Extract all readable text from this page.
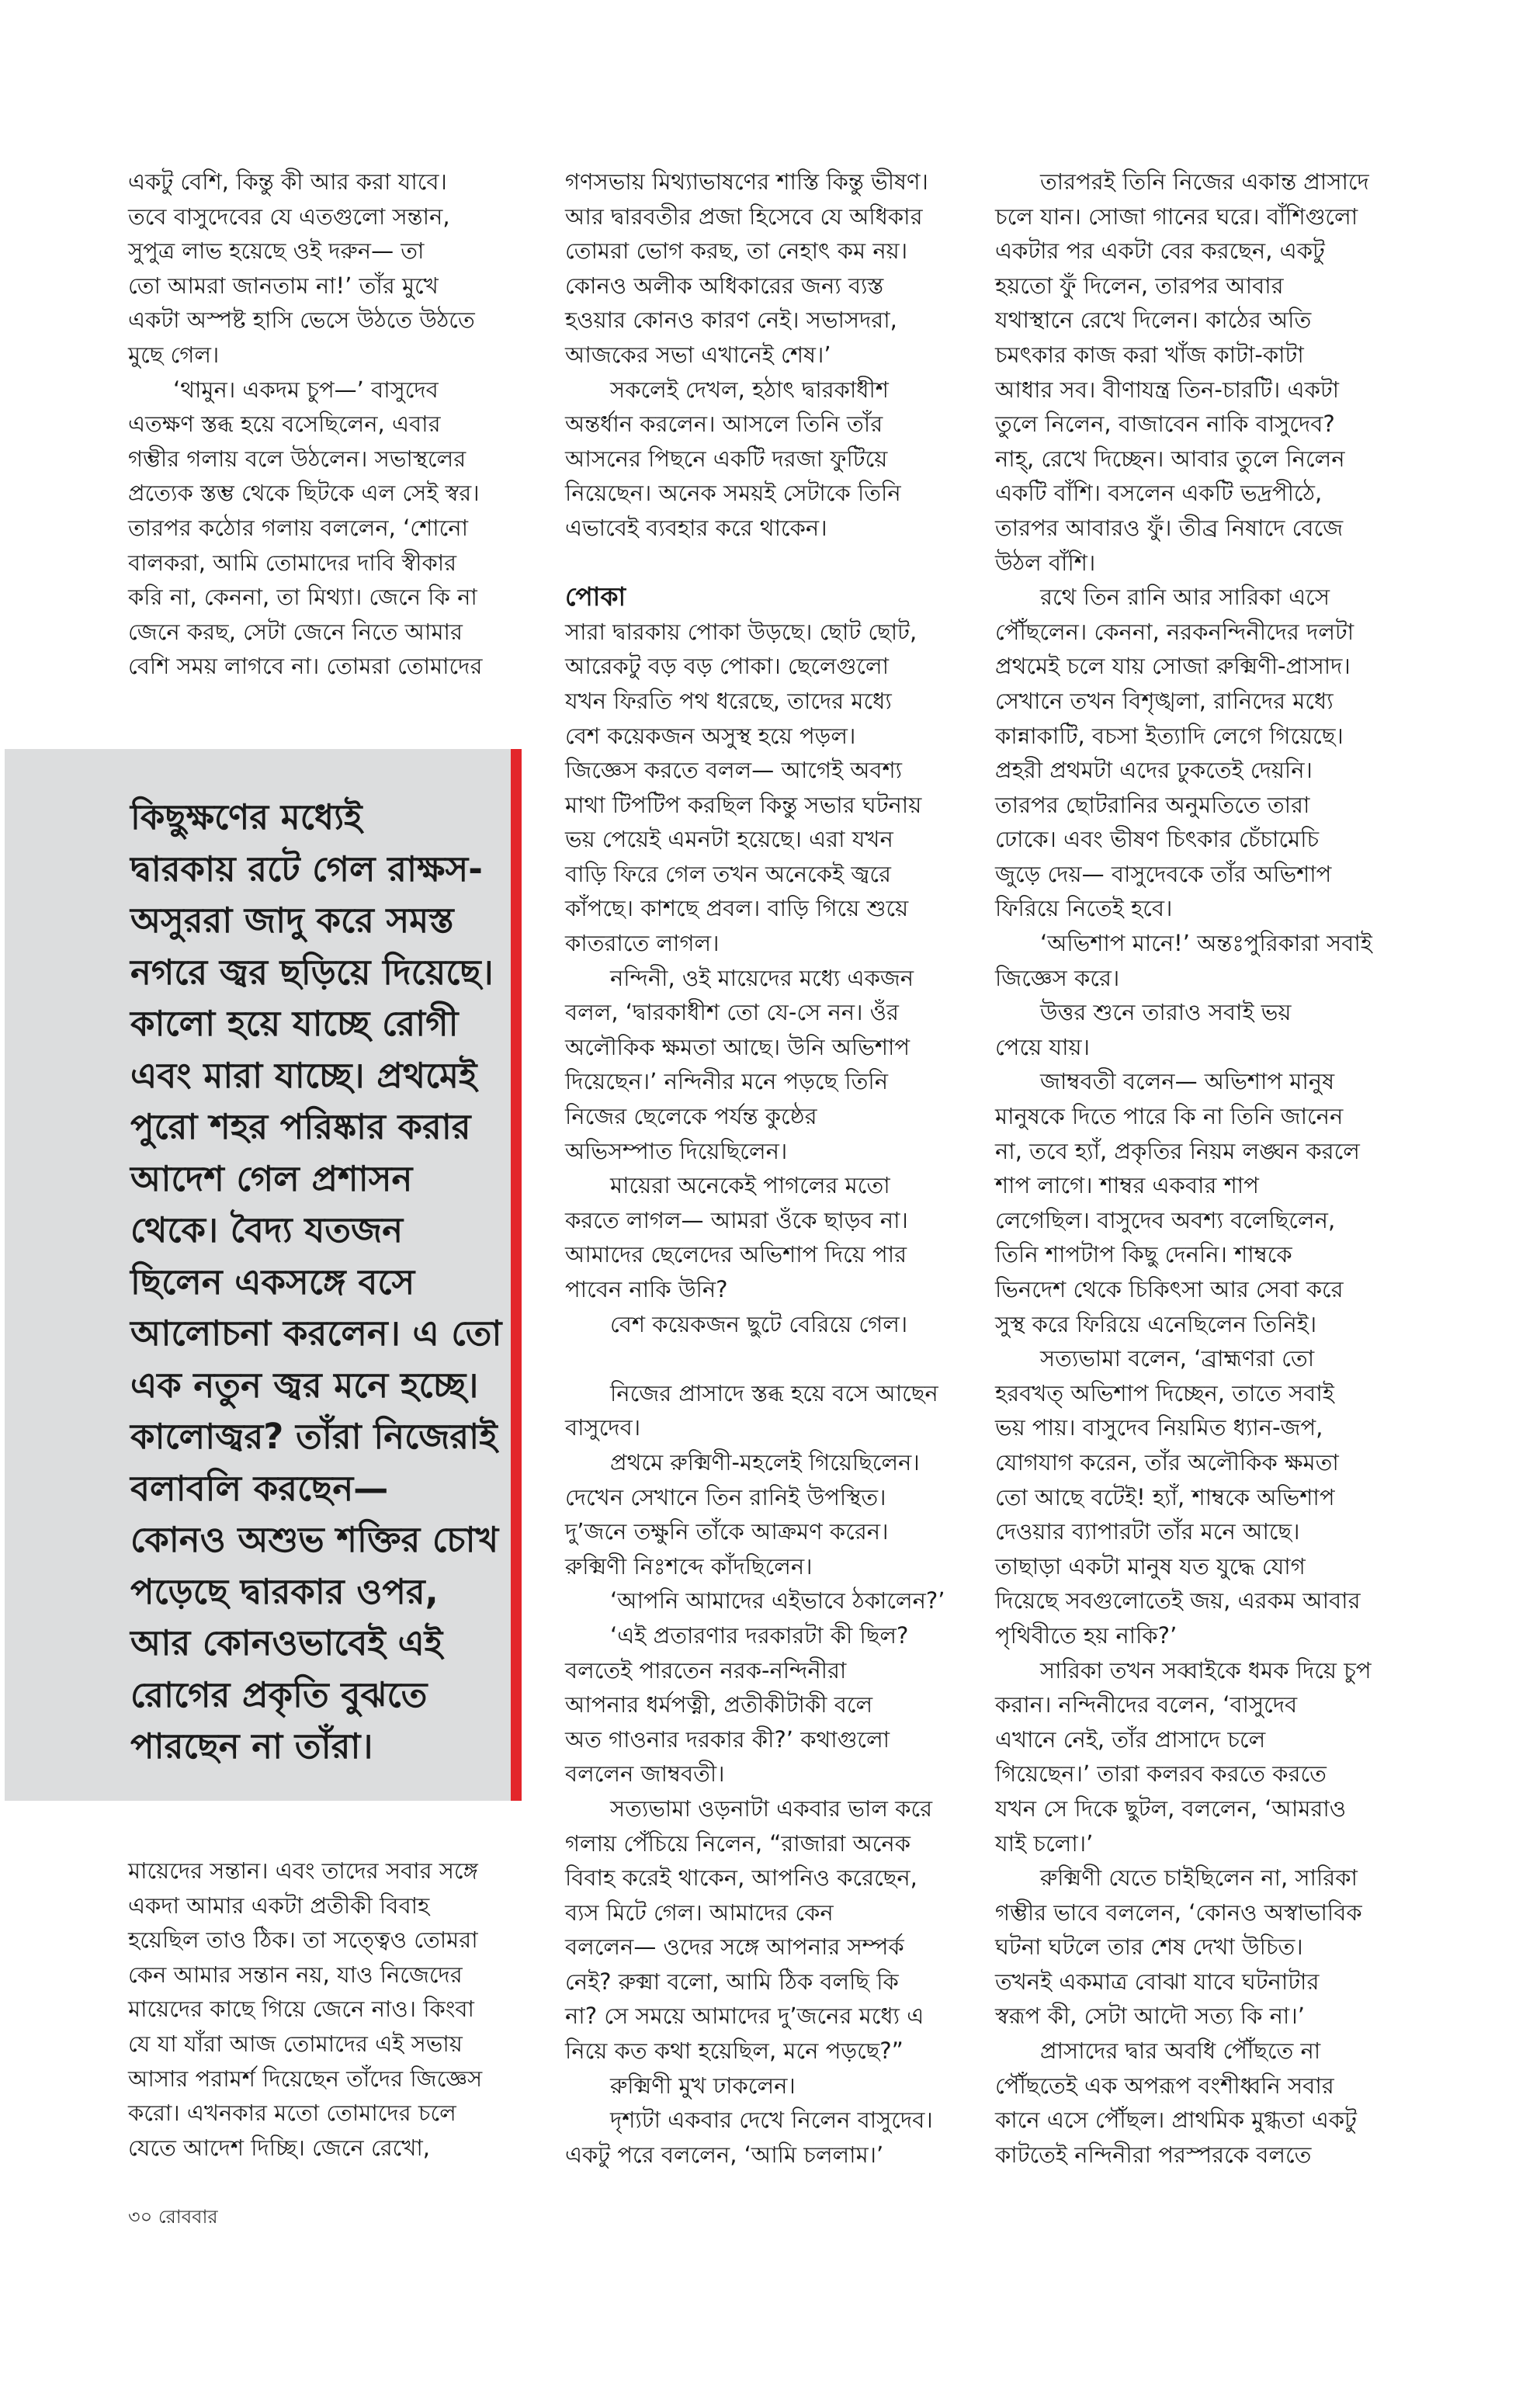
একটু বেশি, কিন্তু কী আর করা যাবে।
তবে বাসুদেবের যে এতগুলো সন্তান,
সুপুত্র লাভ হয়েছে ওই দরুন— তা
তো আমরা জানতাম না!’ তাঁর মুখে
একটা অস্পষ্ট হাসি ভেসে উঠতে উঠতে
মুছে গেল।
‘থামুন। একদম চুপ—’ বাসুদেব
এতক্ষণ স্তব্ধ হয়ে বসেছিলেন, এবার
গম্ভীর গলায় বলে উঠলেন। সভাস্থলের
প্রত্যেক স্তম্ভ থেকে ছিটকে এল সেই স্বর।
তারপর কঠোর গলায় বললেন, ‘শোনো
বালকরা, আমি তোমাদের দাবি স্বীকার
করি না, কেননা, তা মিথ্যা। জেনে কি না
জেনে করছ, সেটা জেনে নিতে আমার
বেশি সময় লাগবে না। তোমরা তোমাদের
কিছুক্ষণের মধ্যেই
দ্বারকায় রটে গেল রাক্ষস-
অসুররা জাদু করে সমস্ত
নগরে জ্বর ছড়িয়ে দিয়েছে।
কালো হয়ে যাচ্ছে রোগী
এবং মারা যাচ্ছে। প্রথমেই
পুরো শহর পরিষ্কার করার
আদেশ গেল প্রশাসন
থেকে। বৈদ্য যতজন
ছিলেন একসঙ্গে বসে
আলোচনা করলেন। এ তো
এক নতুন জ্বর মনে হচ্ছে।
কালোজ্বর? তাঁরা নিজেরাই
বলাবলি করছেন—
কোনও অশুভ শক্তির চোখ
পড়েছে দ্বারকার ওপর,
আর কোনওভাবেই এই
রোগের প্রকৃতি বুঝতে
পারছেন না তাঁরা।
মায়েদের সন্তান। এবং তাদের সবার সঙ্গে
একদা আমার একটা প্রতীকী বিবাহ
হয়েছিল তাও ঠিক। তা সত্ত্বেও তোমরা
কেন আমার সন্তান নয়, যাও নিজেদের
মায়েদের কাছে গিয়ে জেনে নাও। কিংবা
যে যা যাঁরা আজ তোমাদের এই সভায়
আসার পরামর্শ দিয়েছেন তাঁদের জিজ্ঞেস
করো। এখনকার মতো তোমাদের চলে
যেতে আদেশ দিচ্ছি। জেনে রেখো,
গণসভায় মিথ্যাভাষণের শাস্তি কিন্তু ভীষণ।
আর দ্বারবতীর প্রজা হিসেবে যে অধিকার
তোমরা ভোগ করছ, তা নেহাৎ কম নয়।
কোনও অলীক অধিকারের জন্য ব্যস্ত
হওয়ার কোনও কারণ নেই। সভাসদরা,
আজকের সভা এখানেই শেষ।’
সকলেই দেখল, হঠাৎ দ্বারকাধীশ
অন্তর্ধান করলেন। আসলে তিনি তাঁর
আসনের পিছনে একটি দরজা ফুটিয়ে
নিয়েছেন। অনেক সময়ই সেটাকে তিনি
এভাবেই ব্যবহার করে থাকেন।
পোকা
সারা দ্বারকায় পোকা উড়ছে। ছোট ছোট,
আরেকটু বড় বড় পোকা। ছেলেগুলো
যখন ফিরতি পথ ধরেছে, তাদের মধ্যে
বেশ কয়েকজন অসুস্থ হয়ে পড়ল।
জিজ্ঞেস করতে বলল— আগেই অবশ্য
মাথা টিপটিপ করছিল কিন্তু সভার ঘটনায়
ভয় পেয়েই এমনটা হয়েছে। এরা যখন
বাড়ি ফিরে গেল তখন অনেকেই জ্বরে
কাঁপছে। কাশছে প্রবল। বাড়ি গিয়ে শুয়ে
কাতরাতে লাগল।
নন্দিনী, ওই মায়েদের মধ্যে একজন
বলল, ‘দ্বারকাধীশ তো যে-সে নন। ওঁর
অলৌকিক ক্ষমতা আছে। উনি অভিশাপ
দিয়েছেন।’ নন্দিনীর মনে পড়ছে তিনি
নিজের ছেলেকে পর্যন্ত কুষ্ঠের
অভিসম্পাত দিয়েছিলেন।
মায়েরা অনেকেই পাগলের মতো
করতে লাগল— আমরা ওঁকে ছাড়ব না।
আমাদের ছেলেদের অভিশাপ দিয়ে পার
পাবেন নাকি উনি?
বেশ কয়েকজন ছুটে বেরিয়ে গেল।
নিজের প্রাসাদে স্তব্ধ হয়ে বসে আছেন
বাসুদেব।
প্রথমে রুক্মিণী-মহলেই গিয়েছিলেন।
দেখেন সেখানে তিন রানিই উপস্থিত।
দু’জনে তক্ষুনি তাঁকে আক্রমণ করেন।
রুক্মিণী নিঃশব্দে কাঁদছিলেন।
‘আপনি আমাদের এইভাবে ঠকালেন?’
‘এই প্রতারণার দরকারটা কী ছিল?
বলতেই পারতেন নরক-নন্দিনীরা
আপনার ধর্মপত্নী, প্রতীকীটাকী বলে
অত গাওনার দরকার কী?’ কথাগুলো
বললেন জাম্ববতী।
সত্যভামা ওড়নাটা একবার ভাল করে
গলায় পেঁচিয়ে নিলেন, “রাজারা অনেক
বিবাহ করেই থাকেন, আপনিও করেছেন,
ব্যস মিটে গেল। আমাদের কেন
বললেন— ওদের সঙ্গে আপনার সম্পর্ক
নেই? রুক্মা বলো, আমি ঠিক বলছি কি
না? সে সময়ে আমাদের দু’জনের মধ্যে এ
নিয়ে কত কথা হয়েছিল, মনে পড়ছে?”
রুক্মিণী মুখ ঢাকলেন।
দৃশ্যটা একবার দেখে নিলেন বাসুদেব।
একটু পরে বললেন, ‘আমি চললাম।’
তারপরই তিনি নিজের একান্ত প্রাসাদে
চলে যান। সোজা গানের ঘরে। বাঁশিগুলো
একটার পর একটা বের করছেন, একটু
হয়তো ফুঁ দিলেন, তারপর আবার
যথাস্থানে রেখে দিলেন। কাঠের অতি
চমৎকার কাজ করা খাঁজ কাটা-কাটা
আধার সব। বীণাযন্ত্র তিন-চারটি। একটা
তুলে নিলেন, বাজাবেন নাকি বাসুদেব?
নাহ্, রেখে দিচ্ছেন। আবার তুলে নিলেন
একটি বাঁশি। বসলেন একটি ভদ্রপীঠে,
তারপর আবারও ফুঁ। তীব্র নিষাদে বেজে
উঠল বাঁশি।
রথে তিন রানি আর সারিকা এসে
পৌঁছলেন। কেননা, নরকনন্দিনীদের দলটা
প্রথমেই চলে যায় সোজা রুক্মিণী-প্রাসাদ।
সেখানে তখন বিশৃঙ্খলা, রানিদের মধ্যে
কান্নাকাটি, বচসা ইত্যাদি লেগে গিয়েছে।
প্রহরী প্রথমটা এদের ঢুকতেই দেয়নি।
তারপর ছোটরানির অনুমতিতে তারা
ঢোকে। এবং ভীষণ চিৎকার চেঁচামেচি
জুড়ে দেয়— বাসুদেবকে তাঁর অভিশাপ
ফিরিয়ে নিতেই হবে।
‘অভিশাপ মানে!’ অন্তঃপুরিকারা সবাই
জিজ্ঞেস করে।
উত্তর শুনে তারাও সবাই ভয়
পেয়ে যায়।
জাম্ববতী বলেন— অভিশাপ মানুষ
মানুষকে দিতে পারে কি না তিনি জানেন
না, তবে হ্যাঁ, প্রকৃতির নিয়ম লঙ্ঘন করলে
শাপ লাগে। শাম্বর একবার শাপ
লেগেছিল। বাসুদেব অবশ্য বলেছিলেন,
তিনি শাপটাপ কিছু দেননি। শাম্বকে
ভিনদেশ থেকে চিকিৎসা আর সেবা করে
সুস্থ করে ফিরিয়ে এনেছিলেন তিনিই।
সত্যভামা বলেন, ‘ব্রাহ্মণরা তো
হরবখত্ অভিশাপ দিচ্ছেন, তাতে সবাই
ভয় পায়। বাসুদেব নিয়মিত ধ্যান-জপ,
যোগযাগ করেন, তাঁর অলৌকিক ক্ষমতা
তো আছে বটেই! হ্যাঁ, শাম্বকে অভিশাপ
দেওয়ার ব্যাপারটা তাঁর মনে আছে।
তাছাড়া একটা মানুষ যত যুদ্ধে যোগ
দিয়েছে সবগুলোতেই জয়, এরকম আবার
পৃথিবীতে হয় নাকি?’
সারিকা তখন সব্বাইকে ধমক দিয়ে চুপ
করান। নন্দিনীদের বলেন, ‘বাসুদেব
এখানে নেই, তাঁর প্রাসাদে চলে
গিয়েছেন।’ তারা কলরব করতে করতে
যখন সে দিকে ছুটল, বললেন, ‘আমরাও
যাই চলো।’
রুক্মিণী যেতে চাইছিলেন না, সারিকা
গম্ভীর ভাবে বললেন, ‘কোনও অস্বাভাবিক
ঘটনা ঘটলে তার শেষ দেখা উচিত।
তখনই একমাত্র বোঝা যাবে ঘটনাটার
স্বরূপ কী, সেটা আদৌ সত্য কি না।’
প্রাসাদের দ্বার অবধি পৌঁছতে না
পৌঁছতেই এক অপরূপ বংশীধ্বনি সবার
কানে এসে পৌঁছল। প্রাথমিক মুগ্ধতা একটু
কাটতেই নন্দিনীরা পরস্পরকে বলতে
৩০ রোববার
